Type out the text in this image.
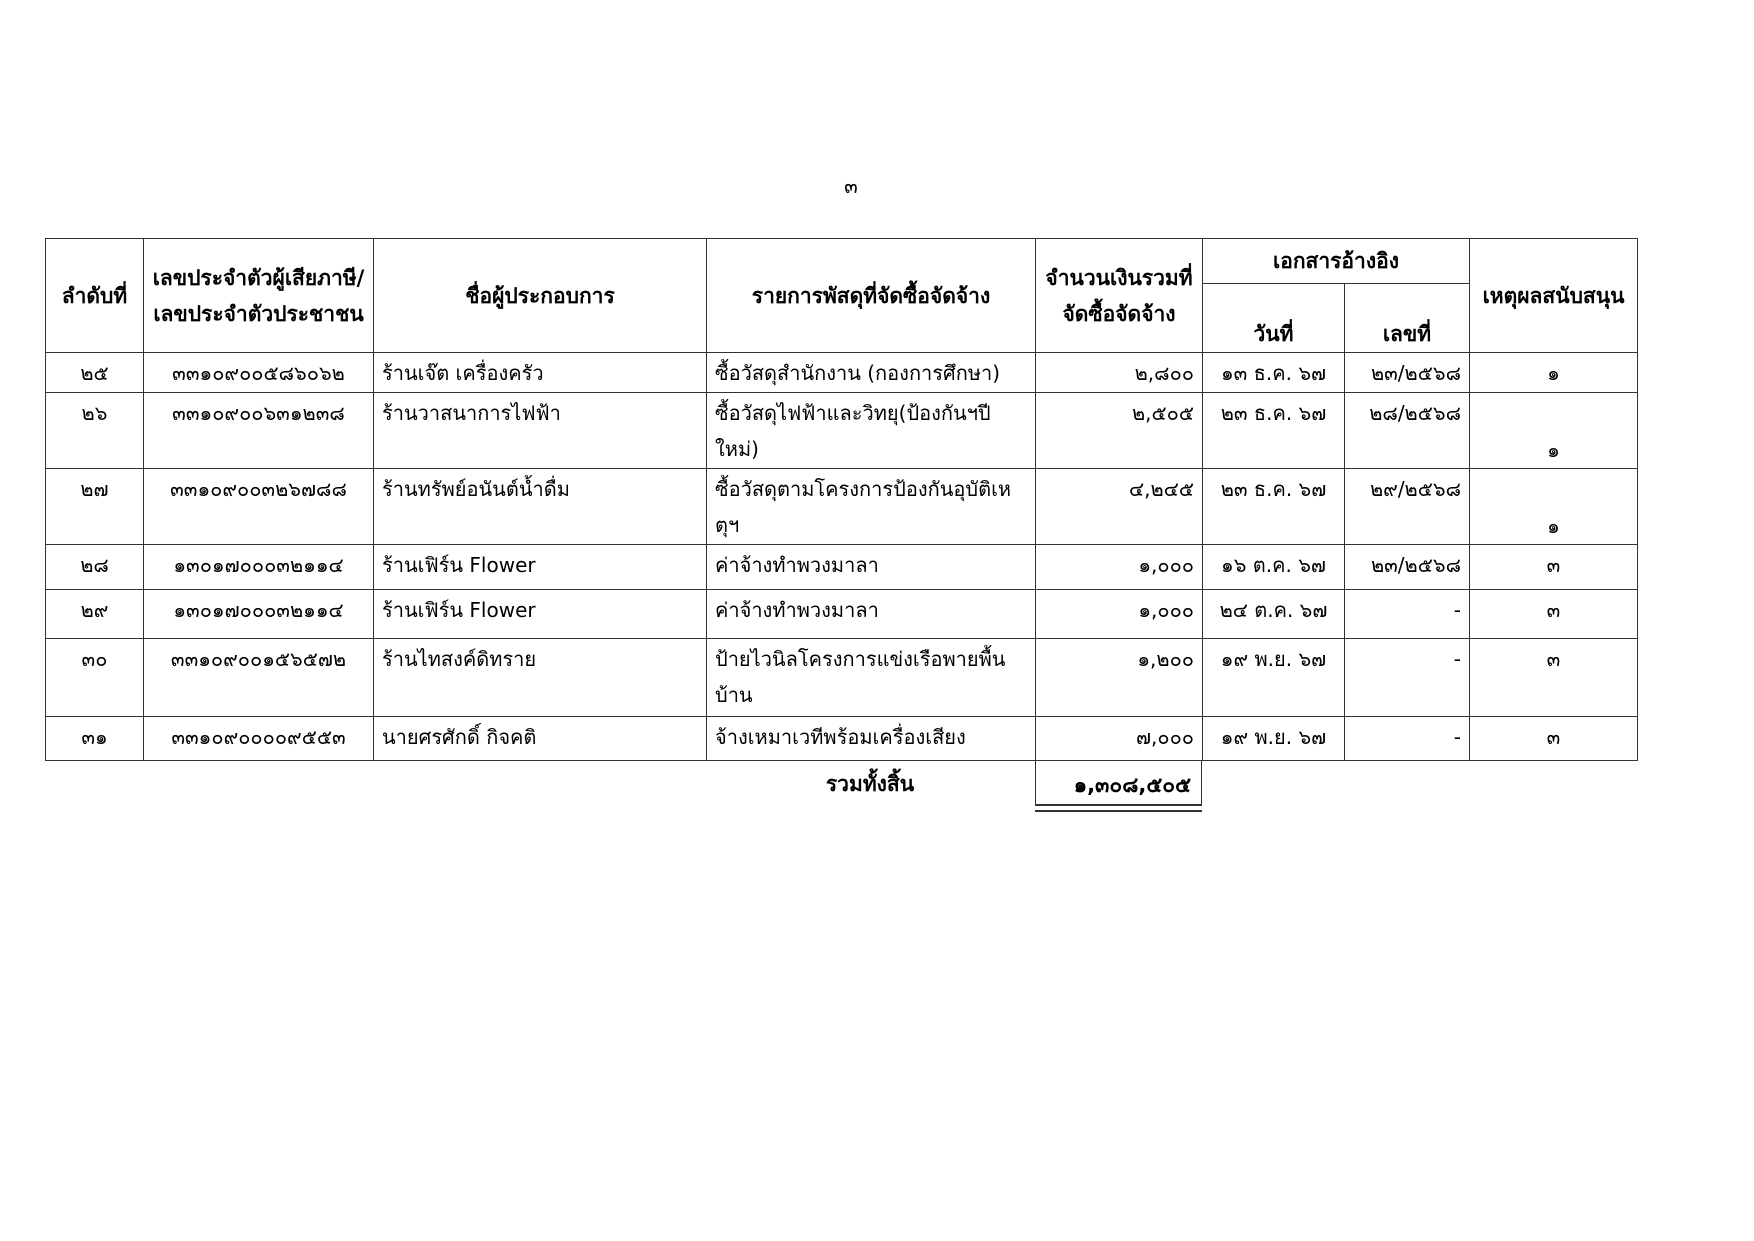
๓
ลำดับที่	เลขประจำตัวผู้เสียภาษี/เลขประจำตัวประชาชน	ชื่อผู้ประกอบการ	รายการพัสดุที่จัดซื้อจัดจ้าง	จำนวนเงินรวมที่จัดซื้อจัดจ้าง	เอกสารอ้างอิง		เหตุผลสนับสนุน
					วันที่	เลขที่	
๒๕	๓๓๑๐๙๐๐๕๘๖๐๖๒	ร้านเจ๊ต เครื่องครัว	ซื้อวัสดุสำนักงาน (กองการศึกษา)	๒,๘๐๐	๑๓ ธ.ค. ๖๗	๒๓/๒๕๖๘	๑
๒๖	๓๓๑๐๙๐๐๖๓๑๒๓๘	ร้านวาสนาการไฟฟ้า	ซื้อวัสดุไฟฟ้าและวิทยุ(ป้องกันฯปีใหม่)	๒,๕๐๕	๒๓ ธ.ค. ๖๗	๒๘/๒๕๖๘	๑
๒๗	๓๓๑๐๙๐๐๓๒๖๗๘๘	ร้านทรัพย์อนันต์น้ำดื่ม	ซื้อวัสดุตามโครงการป้องกันอุบัติเหตุฯ	๔,๒๔๕	๒๓ ธ.ค. ๖๗	๒๙/๒๕๖๘	๑
๒๘	๑๓๐๑๗๐๐๐๓๒๑๑๔	ร้านเฟิร์น Flower	ค่าจ้างทำพวงมาลา	๑,๐๐๐	๑๖ ต.ค. ๖๗	๒๓/๒๕๖๘	๓
๒๙	๑๓๐๑๗๐๐๐๓๒๑๑๔	ร้านเฟิร์น Flower	ค่าจ้างทำพวงมาลา	๑,๐๐๐	๒๔ ต.ค. ๖๗	-	๓
๓๐	๓๓๑๐๙๐๐๑๕๖๕๗๒	ร้านไทสงค์ดิทราย	ป้ายไวนิลโครงการแข่งเรือพายพื้นบ้าน	๑,๒๐๐	๑๙ พ.ย. ๖๗	-	๓
๓๑	๓๓๑๐๙๐๐๐๐๙๕๕๓	นายศรศักดิ์ กิจคติ	จ้างเหมาเวทีพร้อมเครื่องเสียง	๗,๐๐๐	๑๙ พ.ย. ๖๗	-	๓
รวมทั้งสิ้น	๑,๓๐๘,๕๐๕
